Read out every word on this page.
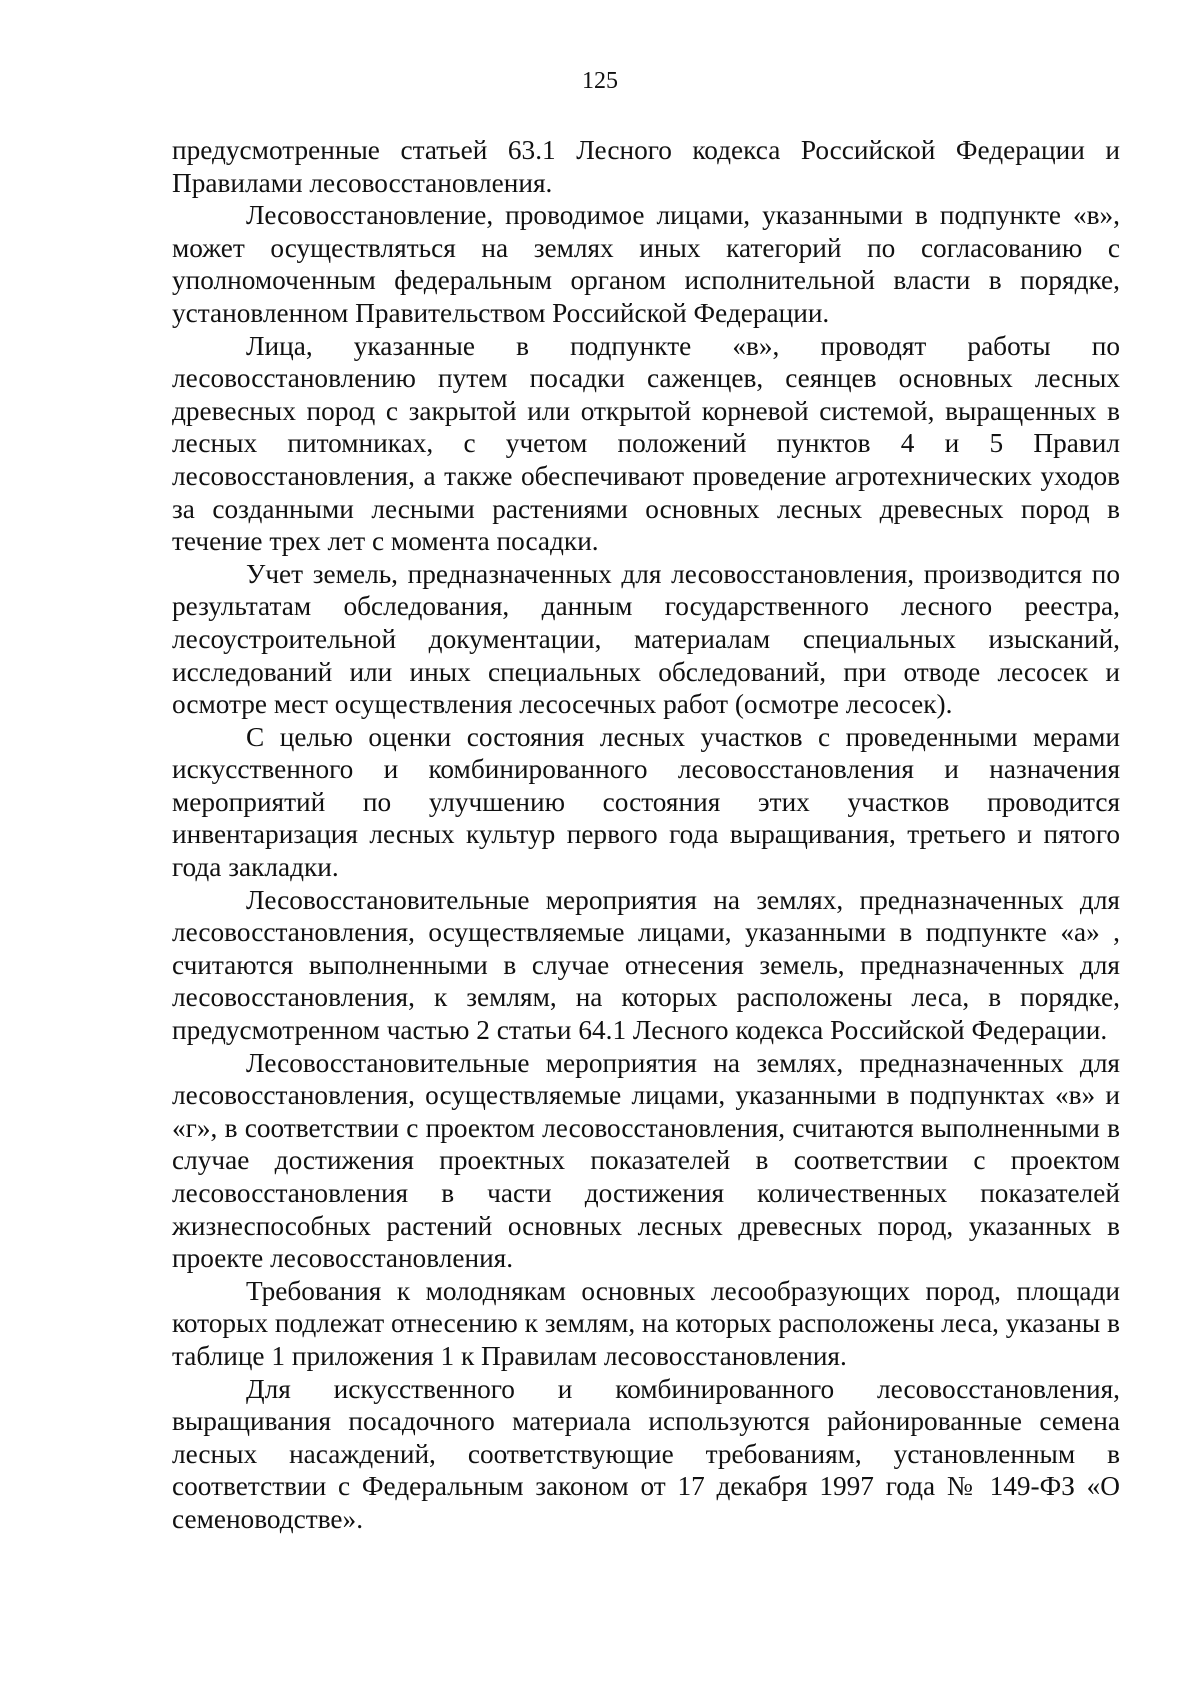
125

предусмотренные статьей 63.1 Лесного кодекса Российской Федерации и Правилами лесовосстановления.

Лесовосстановление, проводимое лицами, указанными в подпункте «в», может осуществляться на землях иных категорий по согласованию с уполномоченным федеральным органом исполнительной власти в порядке, установленном Правительством Российской Федерации.

Лица, указанные в подпункте «в», проводят работы по лесовосстановлению путем посадки саженцев, сеянцев основных лесных древесных пород с закрытой или открытой корневой системой, выращенных в лесных питомниках, с учетом положений пунктов 4 и 5 Правил лесовосстановления, а также обеспечивают проведение агротехнических уходов за созданными лесными растениями основных лесных древесных пород в течение трех лет с момента посадки.

Учет земель, предназначенных для лесовосстановления, производится по результатам обследования, данным государственного лесного реестра, лесоустроительной документации, материалам специальных изысканий, исследований или иных специальных обследований, при отводе лесосек и осмотре мест осуществления лесосечных работ (осмотре лесосек).

С целью оценки состояния лесных участков с проведенными мерами искусственного и комбинированного лесовосстановления и назначения мероприятий по улучшению состояния этих участков проводится инвентаризация лесных культур первого года выращивания, третьего и пятого года закладки.

Лесовосстановительные мероприятия на землях, предназначенных для лесовосстановления, осуществляемые лицами, указанными в подпункте «а» , считаются выполненными в случае отнесения земель, предназначенных для лесовосстановления, к землям, на которых расположены леса, в порядке, предусмотренном частью 2 статьи 64.1 Лесного кодекса Российской Федерации.

Лесовосстановительные мероприятия на землях, предназначенных для лесовосстановления, осуществляемые лицами, указанными в подпунктах «в» и «г», в соответствии с проектом лесовосстановления, считаются выполненными в случае достижения проектных показателей в соответствии с проектом лесовосстановления в части достижения количественных показателей жизнеспособных растений основных лесных древесных пород, указанных в проекте лесовосстановления.

Требования к молоднякам основных лесообразующих пород, площади которых подлежат отнесению к землям, на которых расположены леса, указаны в таблице 1 приложения 1 к Правилам лесовосстановления.

Для искусственного и комбинированного лесовосстановления, выращивания посадочного материала используются районированные семена лесных насаждений, соответствующие требованиям, установленным в соответствии с Федеральным законом от 17 декабря 1997 года № 149-ФЗ «О семеноводстве».
